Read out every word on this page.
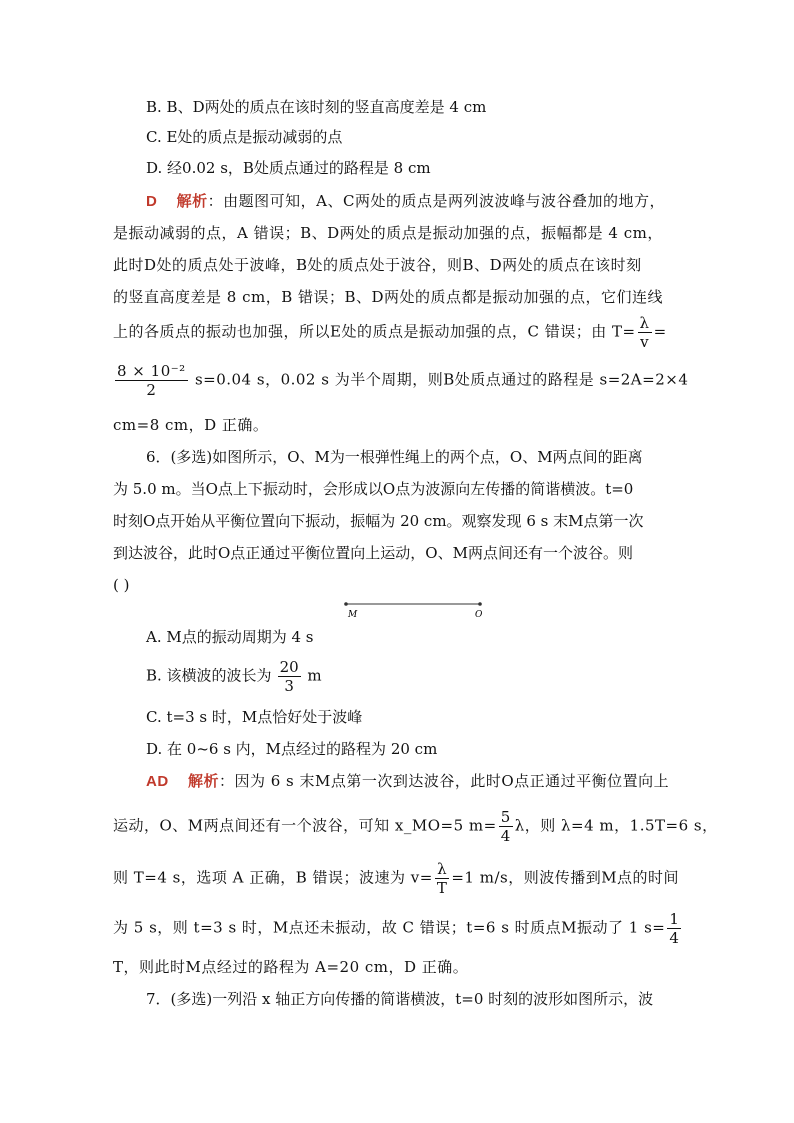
B. B、D两处的质点在该时刻的竖直高度差是 4 cm
C. E处的质点是振动减弱的点
D. 经0.02 s，B处质点通过的路程是 8 cm
D 解析：由题图可知，A、C两处的质点是两列波波峰与波谷叠加的地方，
是振动减弱的点，A 错误；B、D两处的质点是振动加强的点，振幅都是 4 cm，
此时D处的质点处于波峰，B处的质点处于波谷，则B、D两处的质点在该时刻
的竖直高度差是 8 cm，B 错误；B、D两处的质点都是振动加强的点，它们连线
上的各质点的振动也加强，所以E处的质点是振动加强的点，C 错误；由 $T= \frac{\lambda}{v}$ =
$\frac{\text{8 × 10⁻²}}{2} s=0.04$ s，0.02 s 为半个周期，则B处质点通过的路程是 s=2A=2×4
cm=8 cm，D 正确。
6．(多选)如图所示，O、M为一根弹性绳上的两个点，O、M两点间的距离
为 5.0 m。当O点上下振动时，会形成以O点为波源向左传播的简谐横波。t=0
时刻O点开始从平衡位置向下振动，振幅为 20 cm。观察发现 6 s 末M点第一次
到达波谷，此时O点正通过平衡位置向上运动，O、M两点间还有一个波谷。则
( )
M	O
A. M点的振动周期为 4 s
B. 该横波的波长为 $\frac{20}{3}$ m
C. t=3 s 时，M点恰好处于波峰
D. 在 0~6 s 内，M点经过的路程为 20 cm
AD 解析：因为 6 s 末M点第一次到达波谷，此时O点正通过平衡位置向上
运动，O、M两点间还有一个波谷，可知 x_MO=5 $m= \frac{5}{4}$ λ，则 λ=4 m，1.5T=6 s，
则 T=4 s，选项 A 正确，B 错误；波速为 $v= \frac{\lambda}{T} =1$ m/s，则波传播到M点的时间
为 5 s，则 t=3 s 时，M点还未振动，故 C 错误；t=6 s 时质点M振动了 1 $s= \frac{1}{4}$
T，则此时M点经过的路程为 A=20 cm，D 正确。
7．(多选)一列沿 x 轴正方向传播的简谐横波，t=0 时刻的波形如图所示，波
